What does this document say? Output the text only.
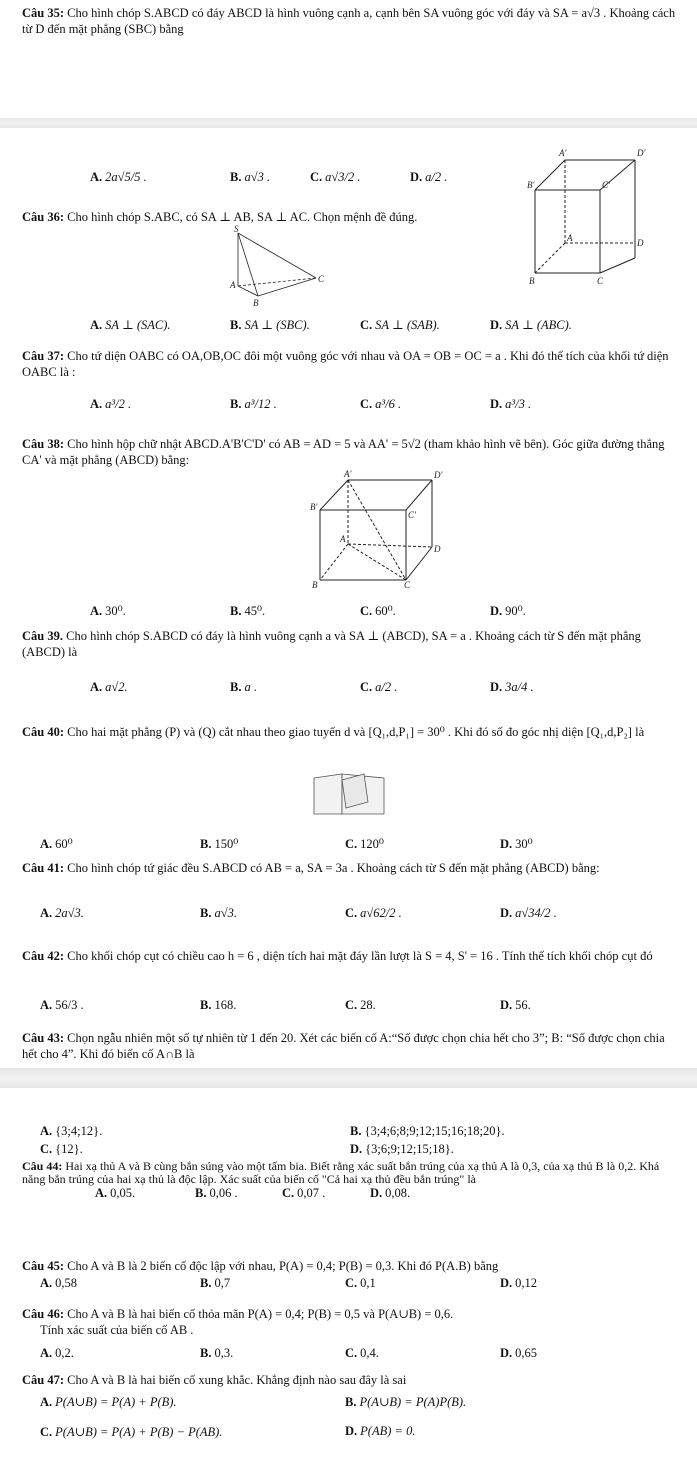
Câu 35: Cho hình chóp S.ABCD có đáy ABCD là hình vuông cạnh a, cạnh bên SA vuông góc với đáy và SA = a√3 . Khoảng cách từ D đến mặt phẳng (SBC) bằng
A. 2a√5/5 .	B. a√3 .	C. a√3/2 .	D. a/2 .
A'	D'
B'	C'
A	D
B	C
Câu 36: Cho hình chóp S.ABC, có SA ⊥ AB, SA ⊥ AC. Chọn mệnh đề đúng.
S
A
B
C
A. SA ⊥ (SAC).	B. SA ⊥ (SBC).	C. SA ⊥ (SAB).	D. SA ⊥ (ABC).
Câu 37: Cho tứ diện OABC có OA,OB,OC đôi một vuông góc với nhau và OA = OB = OC = a . Khi đó thể tích của khối tứ diện OABC là :
A. a³/2 .	B. a³/12 .	C. a³/6 .	D. a³/3 .
Câu 38: Cho hình hộp chữ nhật ABCD.A'B'C'D' có AB = AD = 5 và AA' = 5√2 (tham khảo hình vẽ bên). Góc giữa đường thẳng CA' và mặt phẳng (ABCD) bằng:
A'	D'
B'
C'
A
D
B	C
A. 30⁰.	B. 45⁰.	C. 60⁰.	D. 90⁰.
Câu 39. Cho hình chóp S.ABCD có đáy là hình vuông cạnh a và SA ⊥ (ABCD), SA = a . Khoảng cách từ S đến mặt phẳng (ABCD) là
A. a√2.	B. a .	C. a/2 .	D. 3a/4 .
Câu 40: Cho hai mặt phẳng (P) và (Q) cắt nhau theo giao tuyến d và [Q₁,d,P₁] = 30⁰ . Khi đó số đo góc nhị diện [Q₁,d,P₂] là
A. 60⁰	B. 150⁰	C. 120⁰	D. 30⁰
Câu 41: Cho hình chóp tứ giác đều S.ABCD có AB = a, SA = 3a . Khoảng cách từ S đến mặt phẳng (ABCD) bằng:
A. 2a√3.	B. a√3.	C. a√62/2 .	D. a√34/2 .
Câu 42: Cho khối chóp cụt có chiều cao h = 6 , diện tích hai mặt đáy lần lượt là S = 4, S' = 16 . Tính thể tích khối chóp cụt đó
A. 56/3 .	B. 168.	C. 28.	D. 56.
Câu 43: Chọn ngẫu nhiên một số tự nhiên từ 1 đến 20. Xét các biến cố A:“Số được chọn chia hết cho 3”; B: “Số được chọn chia hết cho 4”. Khi đó biến cố A∩B là
A. {3;4;12}.	B. {3;4;6;8;9;12;15;16;18;20}.
C. {12}.	D. {3;6;9;12;15;18}.
Câu 44: Hai xạ thủ A và B cùng bắn súng vào một tấm bia. Biết rằng xác suất bắn trúng của xạ thủ A là 0,3, của xạ thủ B là 0,2. Khả năng bắn trúng của hai xạ thủ là độc lập. Xác suất của biến cố "Cả hai xạ thủ đều bắn trúng" là
A. 0,05.	B. 0,06 .	C. 0,07 .	D. 0,08.
Câu 45: Cho A và B là 2 biến cố độc lập với nhau, P(A) = 0,4; P(B) = 0,3. Khi đó P(A.B) bằng
A. 0,58	B. 0,7	C. 0,1	D. 0,12
Câu 46: Cho A và B là hai biến cố thỏa mãn P(A) = 0,4; P(B) = 0,5 và P(A∪B) = 0,6.
Tính xác suất của biến cố AB .
A. 0,2.	B. 0,3.	C. 0,4.	D. 0,65
Câu 47: Cho A và B là hai biến cố xung khắc. Khẳng định nào sau đây là sai
A. P(A∪B) = P(A) + P(B).	B. P(A∪B) = P(A)P(B).
C. P(A∪B) = P(A) + P(B) − P(AB).	D. P(AB) = 0.
